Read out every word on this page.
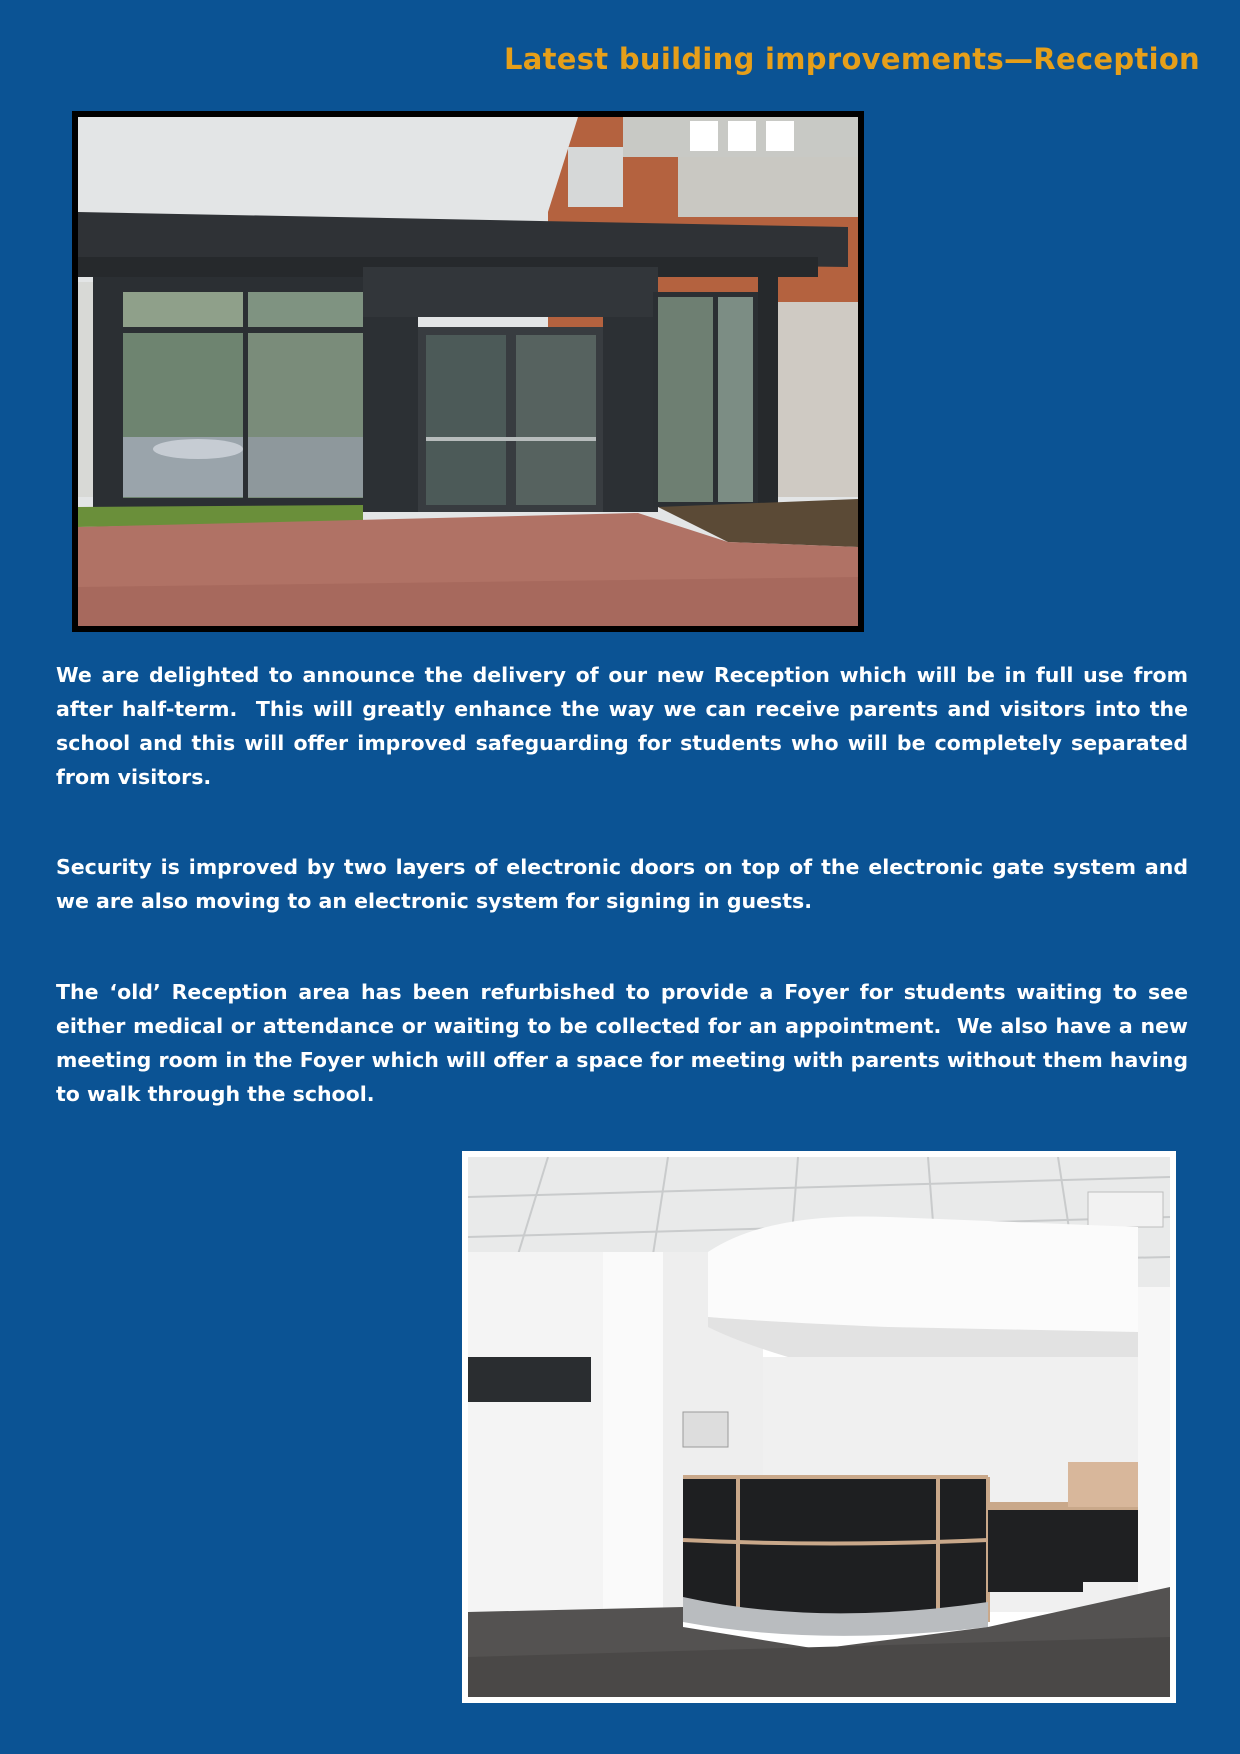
Latest building improvements—Reception

We are delighted to announce the delivery of our new Reception which will be in full use from after half-term.  This will greatly enhance the way we can receive parents and visitors into the school and this will offer improved safeguarding for students who will be completely separated from visitors.

Security is improved by two layers of electronic doors on top of the electronic gate system and we are also moving to an electronic system for signing in guests.

The ‘old’ Reception area has been refurbished to provide a Foyer for students waiting to see either medical or attendance or waiting to be collected for an appointment.  We also have a new meeting room in the Foyer which will offer a space for meeting with parents without them having to walk through the school.
